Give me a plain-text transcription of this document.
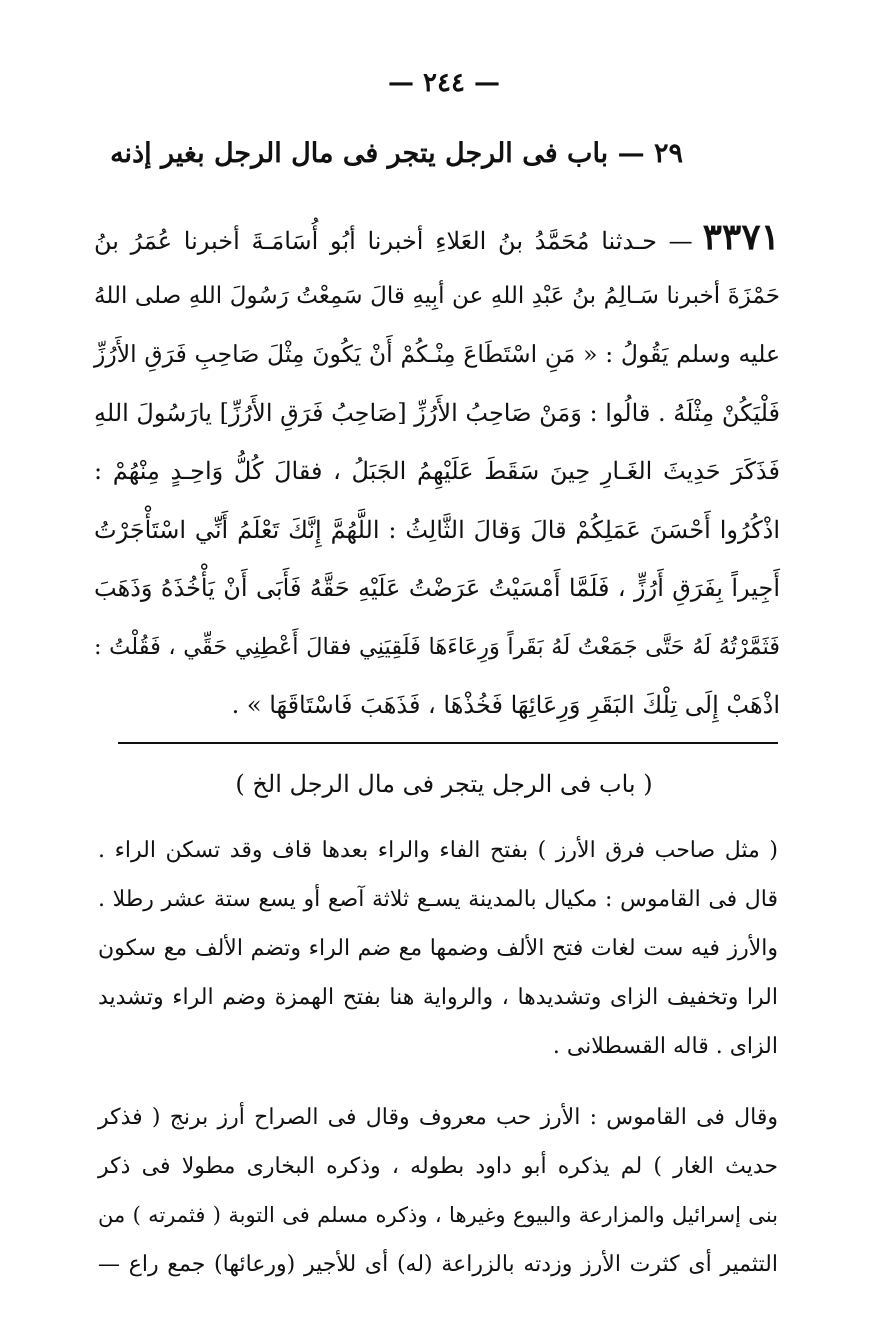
— ٢٤٤ —
٢٩ — باب فى الرجل يتجر فى مال الرجل بغير إذنه
٣٣٧١— حـدثنا مُحَمَّدُ بنُ العَلاءِ أخبرنا أبُو أُسَامَـةَ أخبرنا عُمَرُ بنُ
حَمْزَةَ أخبرنا سَـالِمُ بنُ عَبْدِ اللهِ عن أبِيهِ قالَ سَمِعْتُ رَسُولَ اللهِ صلى اللهُ
عليه وسلم يَقُولُ : « مَنِ اسْتَطَاعَ مِنْـكُمْ أَنْ يَكُونَ مِثْلَ صَاحِبِ فَرَقِ الأَرُزِّ
فَلْيَكُنْ مِثْلَهُ . قالُوا : وَمَنْ صَاحِبُ الأَرُزِّ [صَاحِبُ فَرَقِ الأَرُزِّ] يارَسُولَ اللهِ
فَذَكَرَ حَدِيثَ الغَـارِ حِينَ سَقَطَ عَلَيْهِمُ الجَبَلُ ، فقالَ كُلُّ وَاحِـدٍ مِنْهُمْ :
اذْكُرُوا أَحْسَنَ عَمَلِكُمْ قالَ وَقالَ الثَّالِثُ : اللَّهُمَّ إِنَّكَ تَعْلَمُ أَنِّي اسْتَأْجَرْتُ
أَجِيراً بِفَرَقِ أَرُزٍّ ، فَلَمَّا أَمْسَيْتُ عَرَضْتُ عَلَيْهِ حَقَّهُ فَأَبَى أَنْ يَأْخُذَهُ وَذَهَبَ
فَثَمَّرْتُهُ لَهُ حَتَّى جَمَعْتُ لَهُ بَقَراً وَرِعَاءَهَا فَلَقِيَنِي فقالَ أَعْطِنِي حَقِّي ، فَقُلْتُ :
اذْهَبْ إِلَى تِلْكَ البَقَرِ وَرِعَائِهَا فَخُذْهَا ، فَذَهَبَ فَاسْتَاقَهَا » .
( باب فى الرجل يتجر فى مال الرجل الخ )
( مثل صاحب فرق الأرز ) بفتح الفاء والراء بعدها قاف وقد تسكن الراء .
قال فى القاموس : مكيال بالمدينة يسـع ثلاثة آصع أو يسع ستة عشر رطلا .
والأرز فيه ست لغات فتح الألف وضمها مع ضم الراء وتضم الألف مع سكون
الرا وتخفيف الزاى وتشديدها ، والرواية هنا بفتح الهمزة وضم الراء وتشديد
الزاى . قاله القسطلانى .
وقال فى القاموس : الأرز حب معروف وقال فى الصراح أرز برنج ( فذكر
حديث الغار ) لم يذكره أبو داود بطوله ، وذكره البخارى مطولا فى ذكر
بنى إسرائيل والمزارعة والبيوع وغيرها ، وذكره مسلم فى التوبة ( فثمرته ) من
التثمير أى كثرت الأرز وزدته بالزراعة (له) أى للأجير (ورعائها) جمع راع —
